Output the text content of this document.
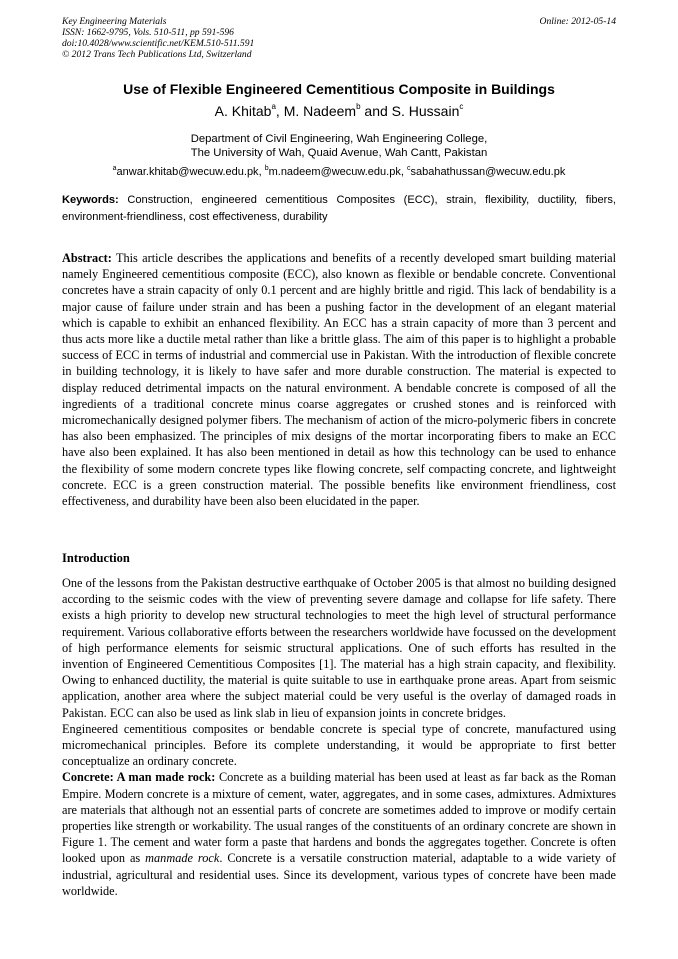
Key Engineering Materials
ISSN: 1662-9795, Vols. 510-511, pp 591-596
doi:10.4028/www.scientific.net/KEM.510-511.591
© 2012 Trans Tech Publications Ltd, Switzerland
Online: 2012-05-14
Use of Flexible Engineered Cementitious Composite in Buildings
A. Khitab$^a$, M. Nadeem$^b$ and S. Hussain$^c$
Department of Civil Engineering, Wah Engineering College,
The University of Wah, Quaid Avenue, Wah Cantt, Pakistan
$^a$anwar.khitab@wecuw.edu.pk, $^b$m.nadeem@wecuw.edu.pk, $^c$sabahathussan@wecuw.edu.pk
Keywords: Construction, engineered cementitious Composites (ECC), strain, flexibility, ductility, fibers, environment-friendliness, cost effectiveness, durability
Abstract: This article describes the applications and benefits of a recently developed smart building material namely Engineered cementitious composite (ECC), also known as flexible or bendable concrete. Conventional concretes have a strain capacity of only 0.1 percent and are highly brittle and rigid. This lack of bendability is a major cause of failure under strain and has been a pushing factor in the development of an elegant material which is capable to exhibit an enhanced flexibility. An ECC has a strain capacity of more than 3 percent and thus acts more like a ductile metal rather than like a brittle glass. The aim of this paper is to highlight a probable success of ECC in terms of industrial and commercial use in Pakistan. With the introduction of flexible concrete in building technology, it is likely to have safer and more durable construction. The material is expected to display reduced detrimental impacts on the natural environment. A bendable concrete is composed of all the ingredients of a traditional concrete minus coarse aggregates or crushed stones and is reinforced with micromechanically designed polymer fibers. The mechanism of action of the micro-polymeric fibers in concrete has also been emphasized. The principles of mix designs of the mortar incorporating fibers to make an ECC have also been explained. It has also been mentioned in detail as how this technology can be used to enhance the flexibility of some modern concrete types like flowing concrete, self compacting concrete, and lightweight concrete. ECC is a green construction material. The possible benefits like environment friendliness, cost effectiveness, and durability have been also been elucidated in the paper.
Introduction

One of the lessons from the Pakistan destructive earthquake of October 2005 is that almost no building designed according to the seismic codes with the view of preventing severe damage and collapse for life safety. There exists a high priority to develop new structural technologies to meet the high level of structural performance requirement. Various collaborative efforts between the researchers worldwide have focussed on the development of high performance elements for seismic structural applications. One of such efforts has resulted in the invention of Engineered Cementitious Composites [1]. The material has a high strain capacity, and flexibility. Owing to enhanced ductility, the material is quite suitable to use in earthquake prone areas. Apart from seismic application, another area where the subject material could be very useful is the overlay of damaged roads in Pakistan. ECC can also be used as link slab in lieu of expansion joints in concrete bridges.

Engineered cementitious composites or bendable concrete is special type of concrete, manufactured using micromechanical principles. Before its complete understanding, it would be appropriate to first better conceptualize an ordinary concrete.

Concrete: A man made rock: Concrete as a building material has been used at least as far back as the Roman Empire. Modern concrete is a mixture of cement, water, aggregates, and in some cases, admixtures. Admixtures are materials that although not an essential parts of concrete are sometimes added to improve or modify certain properties like strength or workability. The usual ranges of the constituents of an ordinary concrete are shown in Figure 1. The cement and water form a paste that hardens and bonds the aggregates together. Concrete is often looked upon as manmade rock. Concrete is a versatile construction material, adaptable to a wide variety of industrial, agricultural and residential uses. Since its development, various types of concrete have been made worldwide.
